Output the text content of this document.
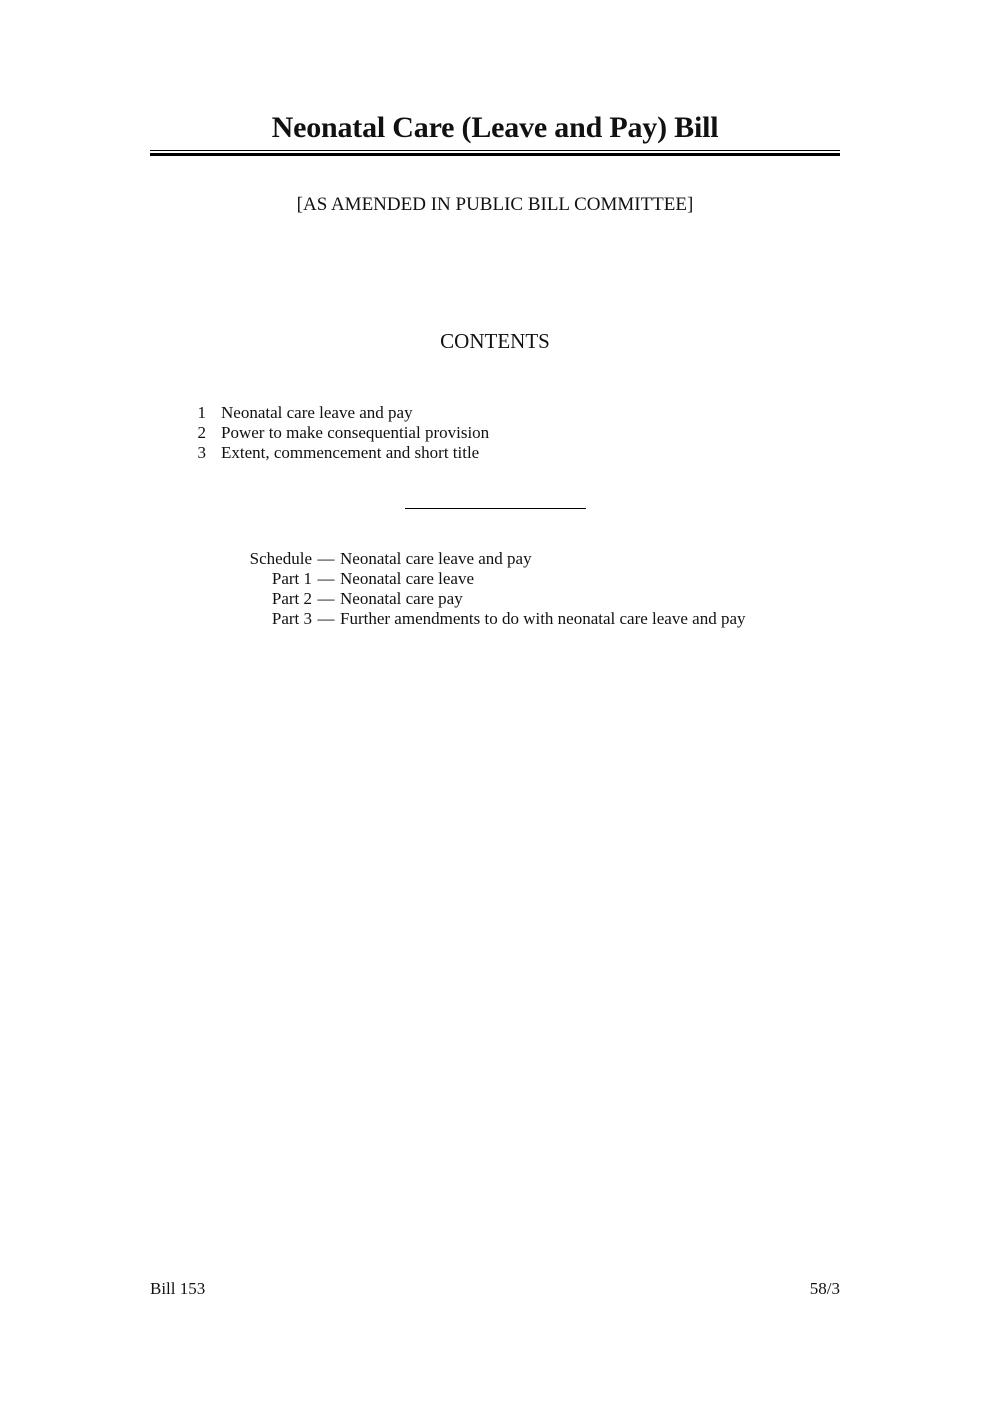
Neonatal Care (Leave and Pay) Bill
[AS AMENDED IN PUBLIC BILL COMMITTEE]
CONTENTS
1 Neonatal care leave and pay
2 Power to make consequential provision
3 Extent, commencement and short title
Schedule — Neonatal care leave and pay
Part 1 — Neonatal care leave
Part 2 — Neonatal care pay
Part 3 — Further amendments to do with neonatal care leave and pay
Bill 153	58/3
